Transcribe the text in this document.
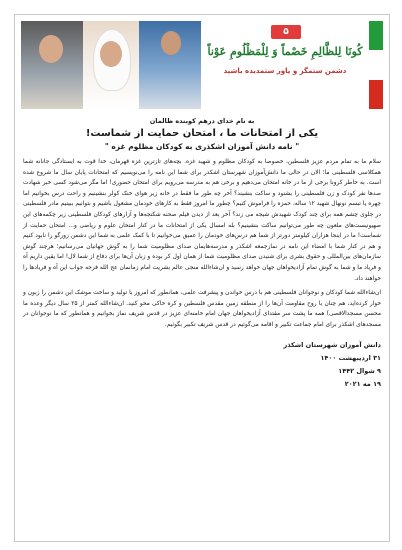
۵
كُونَا لِلظَّالِمِ خَصْماً وَ لِلْمَظْلُومِ عَوْناً
دشمن ستمگر و یاور ستمدیده باشید
به نام خدای درهم کوبنده ظالمان
یکی از امتحانات ما ، امتحان حمایت از شماست!
" نامه دانش آموزان اشکذری به کودکان مظلوم غزه "

سلام ما به تمام مردم عزیز فلسطین، خصوصا به کودکان مظلوم و شهید غزه. بچه‌های تازترین غزه قهرمان، خدا قوت به ایستادگی جانانه شما همکلاسی فلسطینی ما؛ الان در حالی ما دانش‌آموزان شهرستان اشکذر برای شما این نامه را می‌نویسیم که امتحانات پایان سال ما شروع شده است. به خاطر کرونا برخی از ما در خانه امتحان می‌دهیم و برخی هم به مدرسه می‌رویم برای امتحان حضوری! اما مگر می‌شود کسی خبر شهادت صدها نفر کودک و زن فلسطینی را بشنود و ساکت بنشیند؟ آخر چه طور ما فقط در خانه زیر هوای خنک کولر بنشینیم و راحت درس بخوانیم اما چهره یا تبسم نونهال شهید ۱۲ ساله، حمزه را فراموش کنیم؟ چطور ما امروز فقط به کارهای خودمان مشغول باشیم و بتوانیم ببینیم مادر فلسطینی در جلوی چشم همه برای چند کودک شهیدش شیجه می زند؟ آخر بعد از دیدن فیلم صحنه شکنجه‌ها و آزارهای کودکان فلسطینی زیر چکمه‌های این صهیونیست‌های ملعون چه طور می‌توانیم ساکت بنشینیم؟ بله امسال یکی از امتحانات ما در کنار امتحان علوم و ریاضی و... امتحان حمایت از شماست! ما در اینجا هزاران کیلومتر دورتر از شما هم درس‌های خودمان را عمیق می‌خوانیم تا با کمک علمی به شما این دشمن زورگو را نابود کنیم و هم در کنار شما با امضاء این نامه در نمازجمعه اشکذر و مدرسه‌هایمان صدای مظلومیت شما را به گوش جهانیان می‌رسانیم؛ هرچند گوش سازمان‌های بین‌المللی و حقوق بشری برای شنیدن صدای مظلومیت شما از همان اول کر بوده و زبان آن‌ها برای دفاع از شما لال! اما یقین داریم آه و فریاد ما و شما به گوش تمام آزادیخواهان جهان خواهد رسید و ان‌شاءالله منجی عالم بشریت امام زمانمان عج الله فرجه جواب این آه و فریادها را خواهند داد.

ان‌شاءالله شما کودکان و نوجوانان فلسطینی هم با درس خواندن و پیشرفت علمی، همانطور که امروز با تولید و ساخت موشک این دشمن را زبون و خوار کرده‌اید، هم چنان با روح مقاومت آن‌ها را از منطقه زمین مقدس فلسطین و کره خاکی محو کنید. ان‌شاءالله کمتر از ۲۵ سال دیگر وعده ما محسن مسجدالاقصی) همه ما پشت سر مقتدای آزادیخواهان جهان امام خامنه‌ای عزیز در قدس شریف نماز بخوانیم و همانطور که ما نوجوانان در مسجدهای اشکذر برای امام جماعت تکبیر و اقامه می‌گوئیم در قدس شریف تکبیر بگوئیم.

دانش آموزان شهرستان اشکذر
۳۱ اردیبهشت ۱۴۰۰
۹ شوال ۱۴۴۲
۱۹ مه ۲۰۲۱
